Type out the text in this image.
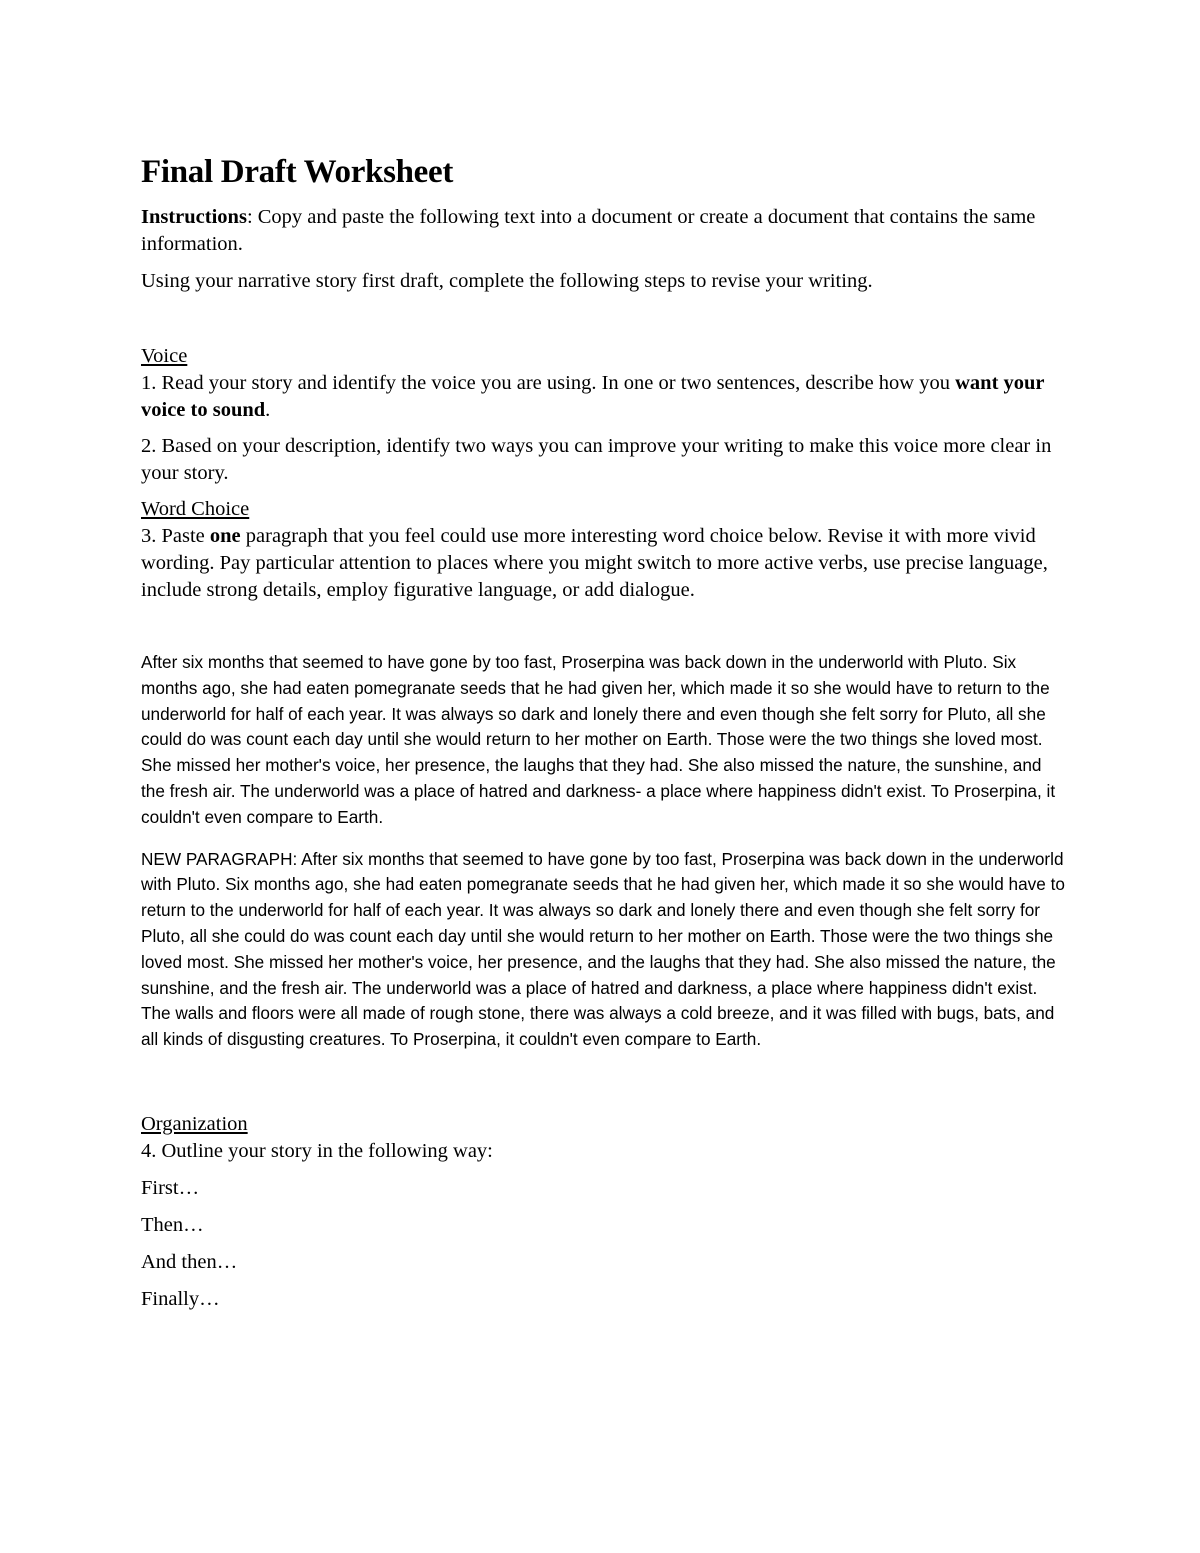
Final Draft Worksheet

Instructions: Copy and paste the following text into a document or create a document that contains the same information.

Using your narrative story first draft, complete the following steps to revise your writing.

Voice

1. Read your story and identify the voice you are using. In one or two sentences, describe how you want your voice to sound.

2. Based on your description, identify two ways you can improve your writing to make this voice more clear in your story.

Word Choice

3. Paste one paragraph that you feel could use more interesting word choice below. Revise it with more vivid wording. Pay particular attention to places where you might switch to more active verbs, use precise language, include strong details, employ figurative language, or add dialogue.

After six months that seemed to have gone by too fast, Proserpina was back down in the underworld with Pluto. Six months ago, she had eaten pomegranate seeds that he had given her, which made it so she would have to return to the underworld for half of each year. It was always so dark and lonely there and even though she felt sorry for Pluto, all she could do was count each day until she would return to her mother on Earth. Those were the two things she loved most. She missed her mother's voice, her presence, the laughs that they had. She also missed the nature, the sunshine, and the fresh air. The underworld was a place of hatred and darkness- a place where happiness didn't exist. To Proserpina, it couldn't even compare to Earth.

NEW PARAGRAPH: After six months that seemed to have gone by too fast, Proserpina was back down in the underworld with Pluto. Six months ago, she had eaten pomegranate seeds that he had given her, which made it so she would have to return to the underworld for half of each year. It was always so dark and lonely there and even though she felt sorry for Pluto, all she could do was count each day until she would return to her mother on Earth. Those were the two things she loved most. She missed her mother's voice, her presence, and the laughs that they had. She also missed the nature, the sunshine, and the fresh air. The underworld was a place of hatred and darkness, a place where happiness didn't exist. The walls and floors were all made of rough stone, there was always a cold breeze, and it was filled with bugs, bats, and all kinds of disgusting creatures. To Proserpina, it couldn't even compare to Earth.

Organization

4. Outline your story in the following way:

First…

Then…

And then…

Finally…
